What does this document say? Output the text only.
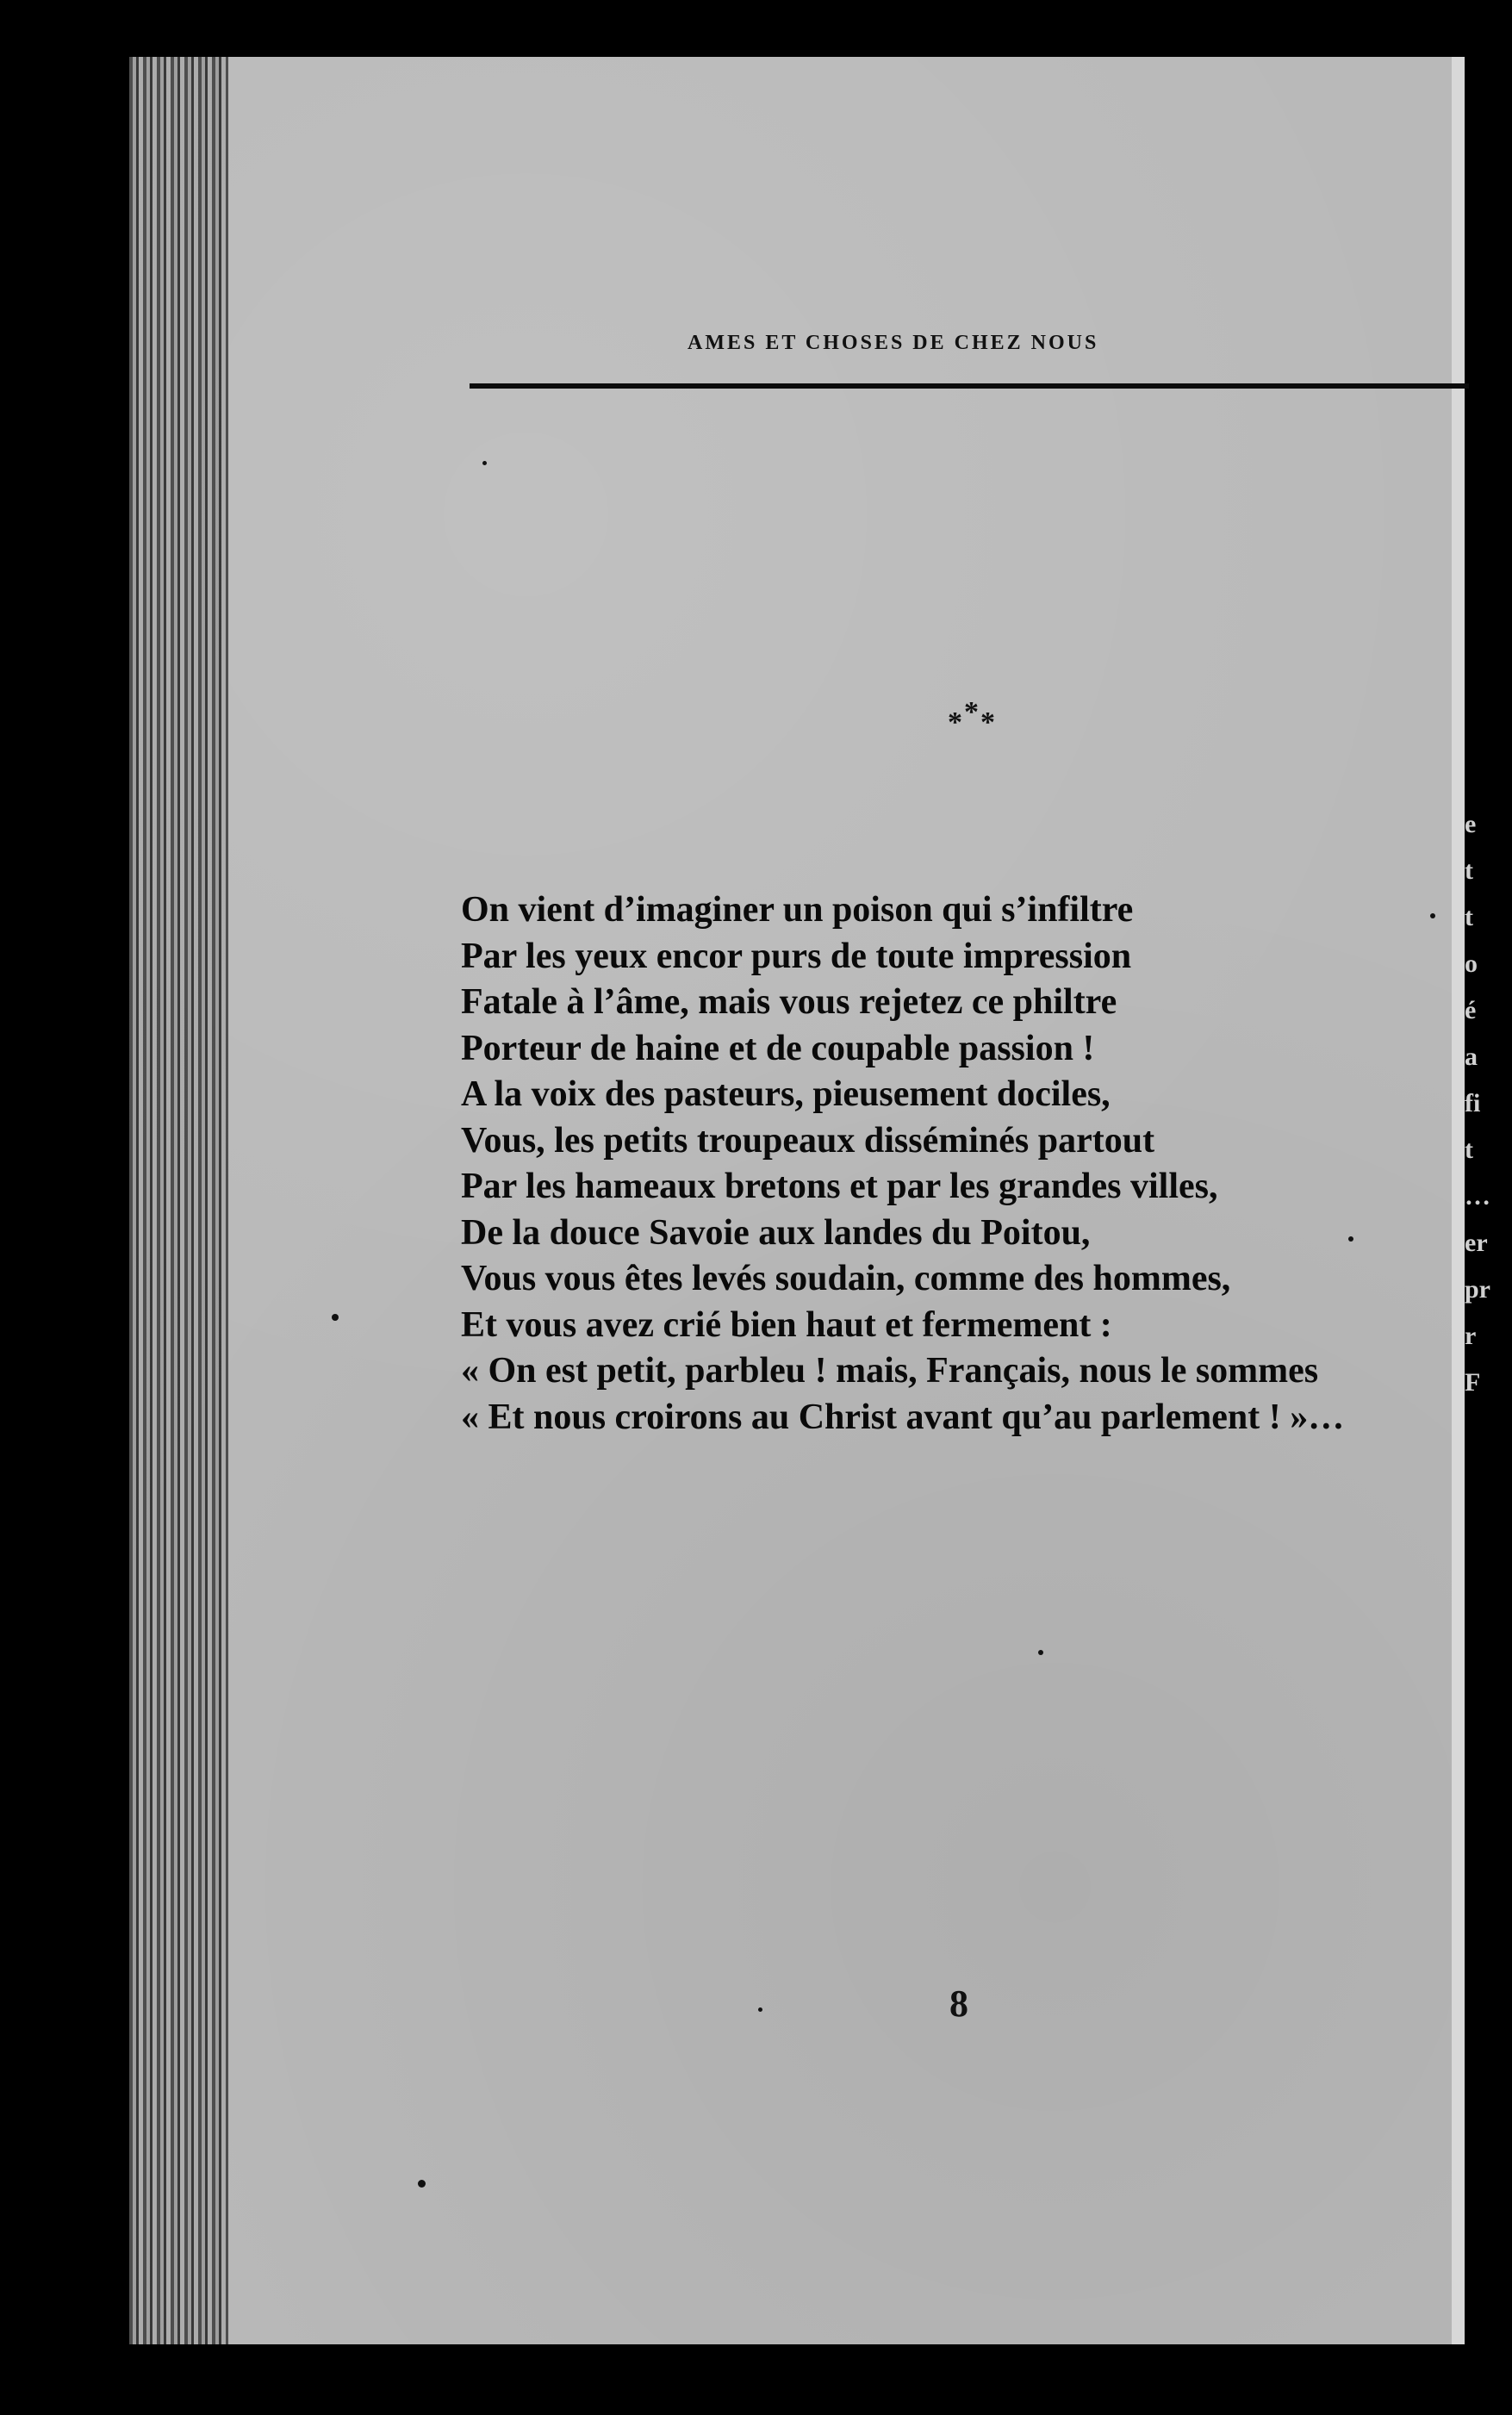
e
t
t
o
é
a
fi
t
…
er
pr
r
F
AMES ET CHOSES DE CHEZ NOUS
***
On vient d’imaginer un poison qui s’infiltre
Par les yeux encor purs de toute impression
Fatale à l’âme, mais vous rejetez ce philtre
Porteur de haine et de coupable passion !
A la voix des pasteurs, pieusement dociles,
Vous, les petits troupeaux disséminés partout
Par les hameaux bretons et par les grandes villes,
De la douce Savoie aux landes du Poitou,
Vous vous êtes levés soudain, comme des hommes,
Et vous avez crié bien haut et fermement :
« On est petit, parbleu ! mais, Français, nous le sommes
« Et nous croirons au Christ avant qu’au parlement ! »…
8
